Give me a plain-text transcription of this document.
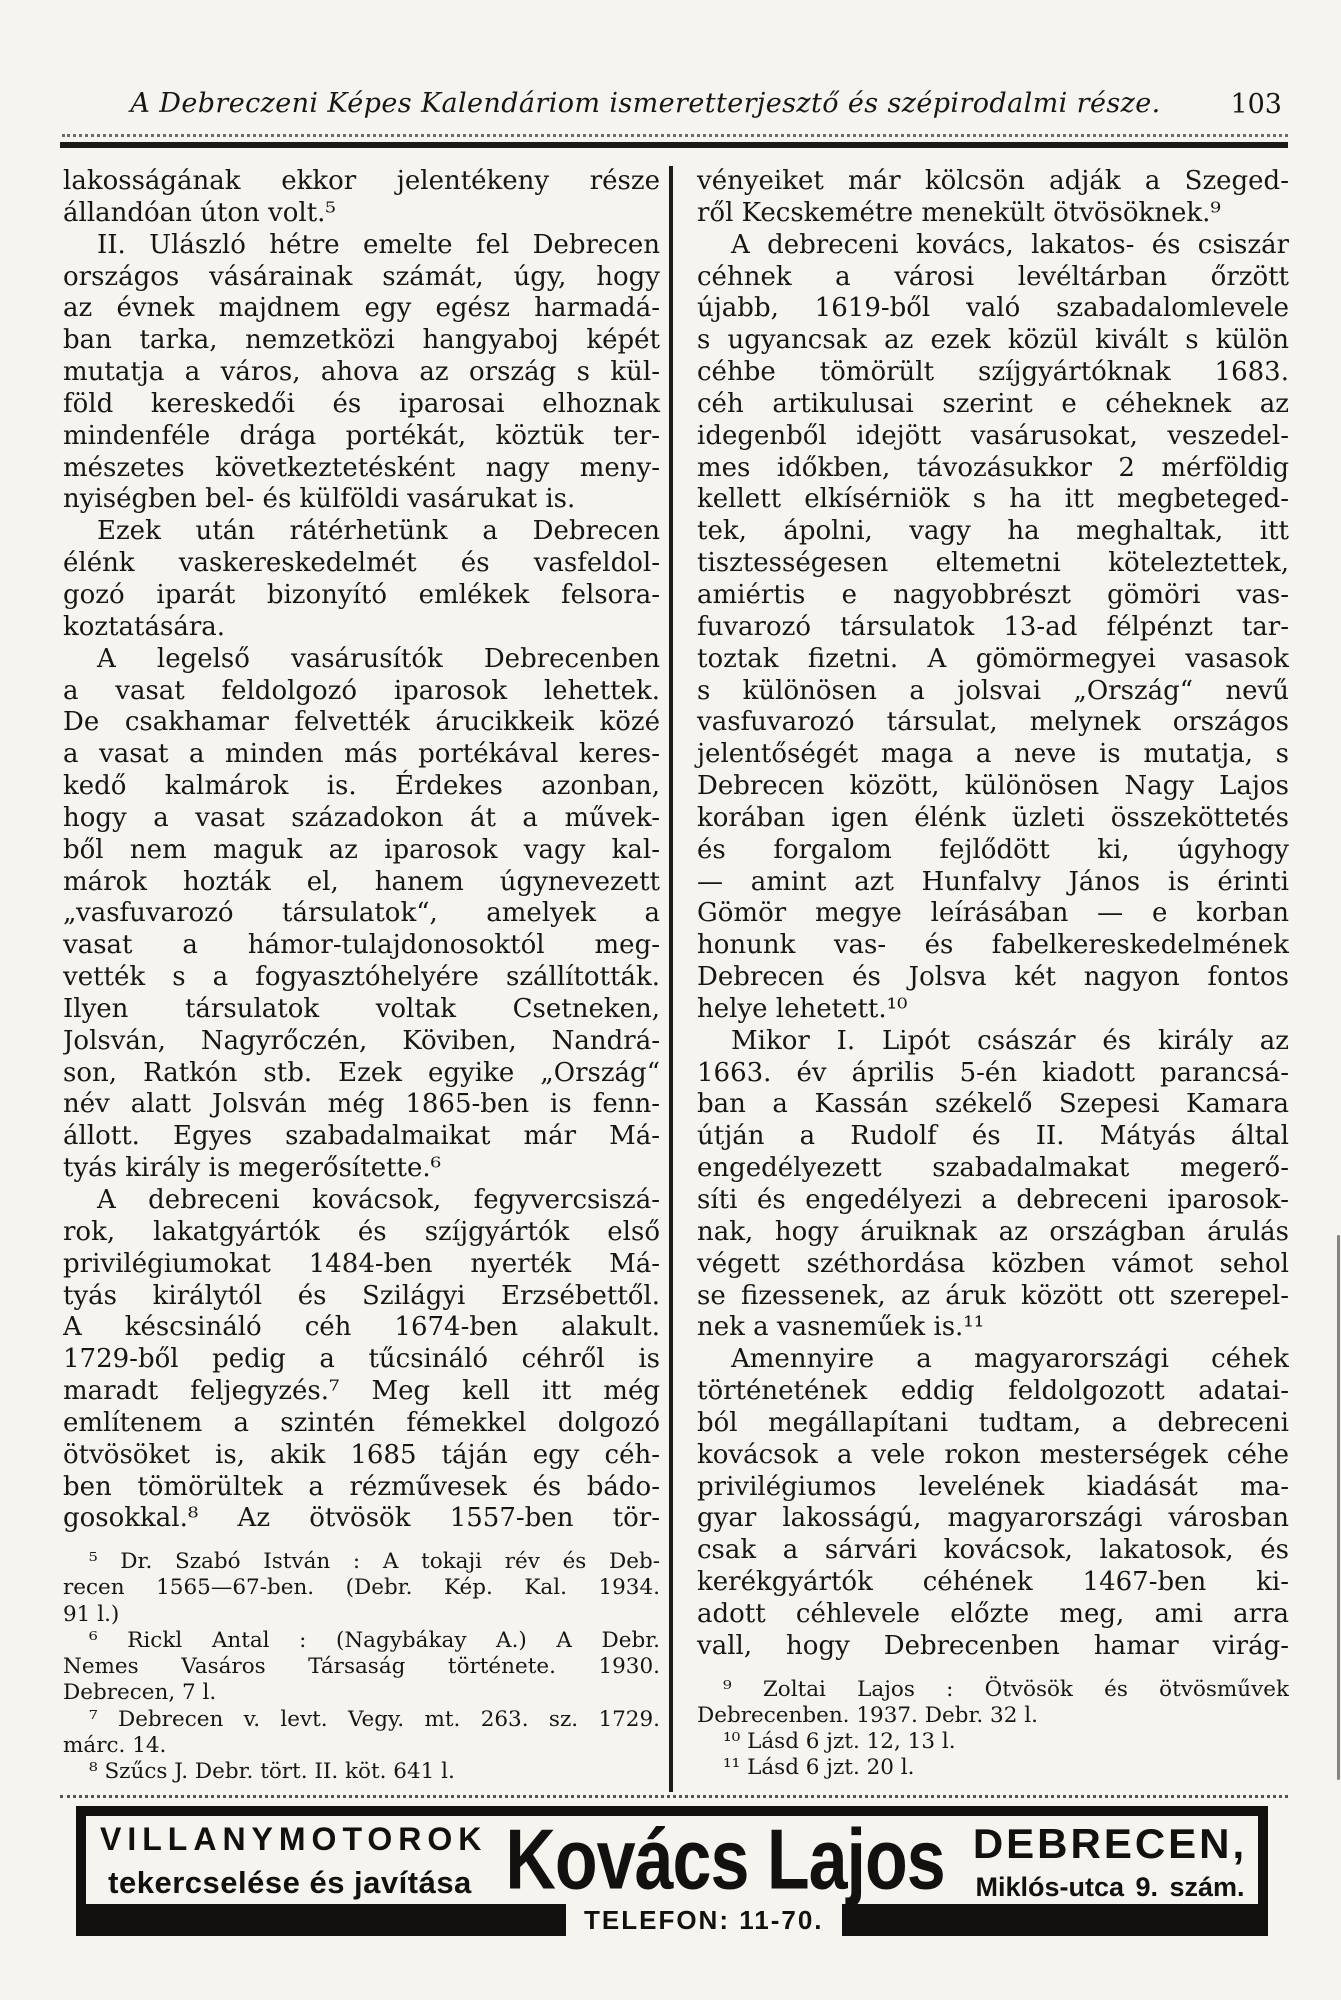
A Debreczeni Képes Kalendáriom ismeretterjesztő és szépirodalmi része.	103
lakosságának ekkor jelentékeny része
állandóan úton volt.⁵
II. Ulászló hétre emelte fel Debrecen
országos vásárainak számát, úgy, hogy
az évnek majdnem egy egész harmadá-
ban tarka, nemzetközi hangyaboj képét
mutatja a város, ahova az ország s kül-
föld kereskedői és iparosai elhoznak
mindenféle drága portékát, köztük ter-
mészetes következtetésként nagy meny-
nyiségben bel- és külföldi vasárukat is.
Ezek után rátérhetünk a Debrecen
élénk vaskereskedelmét és vasfeldol-
gozó iparát bizonyító emlékek felsora-
koztatására.
A legelső vasárusítók Debrecenben
a vasat feldolgozó iparosok lehettek.
De csakhamar felvették árucikkeik közé
a vasat a minden más portékával keres-
kedő kalmárok is. Érdekes azonban,
hogy a vasat századokon át a művek-
ből nem maguk az iparosok vagy kal-
márok hozták el, hanem úgynevezett
„vasfuvarozó társulatok“, amelyek a
vasat a hámor-tulajdonosoktól meg-
vették s a fogyasztóhelyére szállították.
Ilyen társulatok voltak Csetneken,
Jolsván, Nagyrőczén, Köviben, Nandrá-
son, Ratkón stb. Ezek egyike „Ország“
név alatt Jolsván még 1865-ben is fenn-
állott. Egyes szabadalmaikat már Má-
tyás király is megerősítette.⁶
A debreceni kovácsok, fegyvercsiszá-
rok, lakatgyártók és szíjgyártók első
privilégiumokat 1484-ben nyerték Má-
tyás királytól és Szilágyi Erzsébettől.
A késcsináló céh 1674-ben alakult.
1729-ből pedig a tűcsináló céhről is
maradt feljegyzés.⁷ Meg kell itt még
említenem a szintén fémekkel dolgozó
ötvösöket is, akik 1685 táján egy céh-
ben tömörültek a rézművesek és bádo-
gosokkal.⁸ Az ötvösök 1557-ben tör-
⁵ Dr. Szabó István : A tokaji rév és Deb-
recen 1565—67-ben. (Debr. Kép. Kal. 1934.
91 l.)
⁶ Rickl Antal : (Nagybákay A.) A Debr.
Nemes Vasáros Társaság története. 1930.
Debrecen, 7 l.
⁷ Debrecen v. levt. Vegy. mt. 263. sz. 1729.
márc. 14.
⁸ Szűcs J. Debr. tört. II. köt. 641 l.
vényeiket már kölcsön adják a Szeged-
ről Kecskemétre menekült ötvösöknek.⁹
A debreceni kovács, lakatos- és csiszár
céhnek a városi levéltárban őrzött
újabb, 1619-ből való szabadalomlevele
s ugyancsak az ezek közül kivált s külön
céhbe tömörült szíjgyártóknak 1683.
céh artikulusai szerint e céheknek az
idegenből idejött vasárusokat, veszedel-
mes időkben, távozásukkor 2 mérföldig
kellett elkísérniök s ha itt megbeteged-
tek, ápolni, vagy ha meghaltak, itt
tisztességesen eltemetni köteleztettek,
amiértis e nagyobbrészt gömöri vas-
fuvarozó társulatok 13-ad félpénzt tar-
toztak fizetni. A gömörmegyei vasasok
s különösen a jolsvai „Ország“ nevű
vasfuvarozó társulat, melynek országos
jelentőségét maga a neve is mutatja, s
Debrecen között, különösen Nagy Lajos
korában igen élénk üzleti összeköttetés
és forgalom fejlődött ki, úgyhogy
— amint azt Hunfalvy János is érinti
Gömör megye leírásában — e korban
honunk vas- és fabelkereskedelmének
Debrecen és Jolsva két nagyon fontos
helye lehetett.¹⁰
Mikor I. Lipót császár és király az
1663. év április 5-én kiadott parancsá-
ban a Kassán székelő Szepesi Kamara
útján a Rudolf és II. Mátyás által
engedélyezett szabadalmakat megerő-
síti és engedélyezi a debreceni iparosok-
nak, hogy áruiknak az országban árulás
végett széthordása közben vámot sehol
se fizessenek, az áruk között ott szerepel-
nek a vasneműek is.¹¹
Amennyire a magyarországi céhek
történetének eddig feldolgozott adatai-
ból megállapítani tudtam, a debreceni
kovácsok a vele rokon mesterségek céhe
privilégiumos levelének kiadását ma-
gyar lakosságú, magyarországi városban
csak a sárvári kovácsok, lakatosok, és
kerékgyártók céhének 1467-ben ki-
adott céhlevele előzte meg, ami arra
vall, hogy Debrecenben hamar virág-
⁹ Zoltai Lajos : Ötvösök és ötvösművek
Debrecenben. 1937. Debr. 32 l.
¹⁰ Lásd 6 jzt. 12, 13 l.
¹¹ Lásd 6 jzt. 20 l.
VILLANYMOTOROK
tekercselése és javítása Kovács Lajos DEBRECEN,
Miklós-utca 9. szám.
TELEFON: 11-70.
